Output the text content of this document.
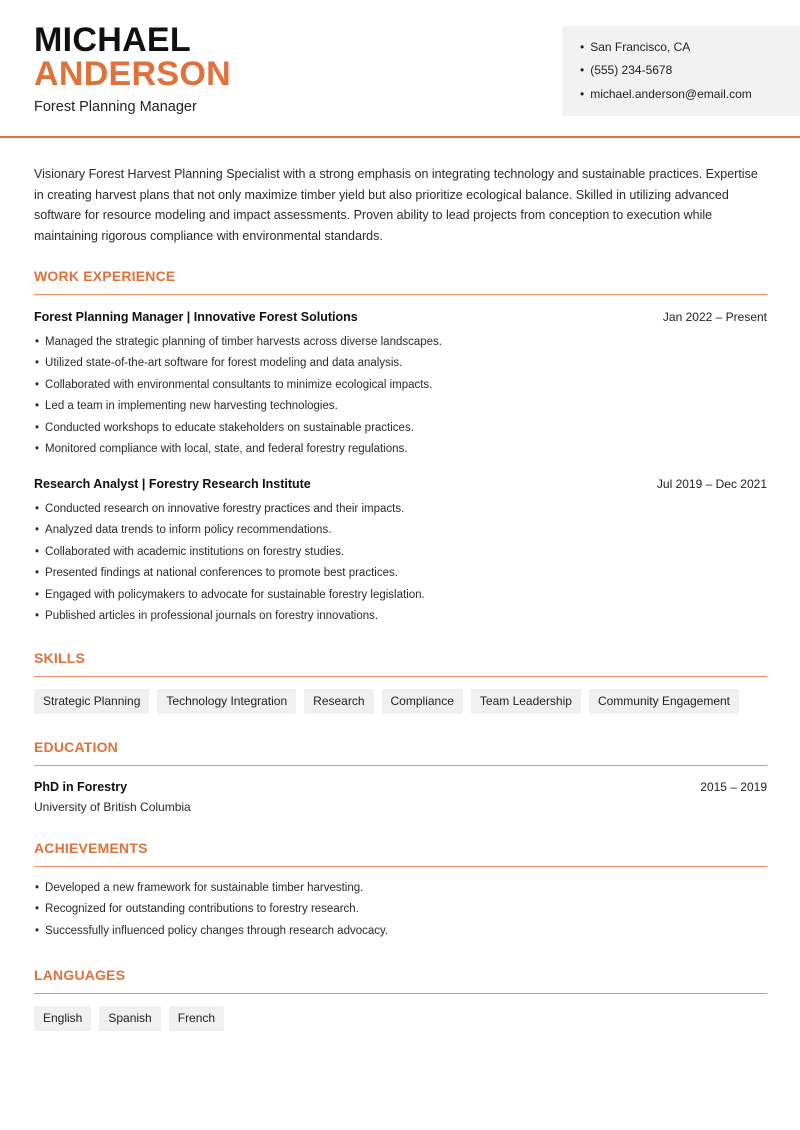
MICHAEL
ANDERSON
Forest Planning Manager
• San Francisco, CA
• (555) 234-5678
• michael.anderson@email.com
Visionary Forest Harvest Planning Specialist with a strong emphasis on integrating technology and sustainable practices. Expertise in creating harvest plans that not only maximize timber yield but also prioritize ecological balance. Skilled in utilizing advanced software for resource modeling and impact assessments. Proven ability to lead projects from conception to execution while maintaining rigorous compliance with environmental standards.
WORK EXPERIENCE
Forest Planning Manager | Innovative Forest Solutions	Jan 2022 – Present
• Managed the strategic planning of timber harvests across diverse landscapes.
• Utilized state-of-the-art software for forest modeling and data analysis.
• Collaborated with environmental consultants to minimize ecological impacts.
• Led a team in implementing new harvesting technologies.
• Conducted workshops to educate stakeholders on sustainable practices.
• Monitored compliance with local, state, and federal forestry regulations.
Research Analyst | Forestry Research Institute	Jul 2019 – Dec 2021
• Conducted research on innovative forestry practices and their impacts.
• Analyzed data trends to inform policy recommendations.
• Collaborated with academic institutions on forestry studies.
• Presented findings at national conferences to promote best practices.
• Engaged with policymakers to advocate for sustainable forestry legislation.
• Published articles in professional journals on forestry innovations.
SKILLS
Strategic Planning	Technology Integration	Research	Compliance	Team Leadership	Community Engagement
EDUCATION
PhD in Forestry	2015 – 2019
University of British Columbia
ACHIEVEMENTS
• Developed a new framework for sustainable timber harvesting.
• Recognized for outstanding contributions to forestry research.
• Successfully influenced policy changes through research advocacy.
LANGUAGES
English	Spanish	French
